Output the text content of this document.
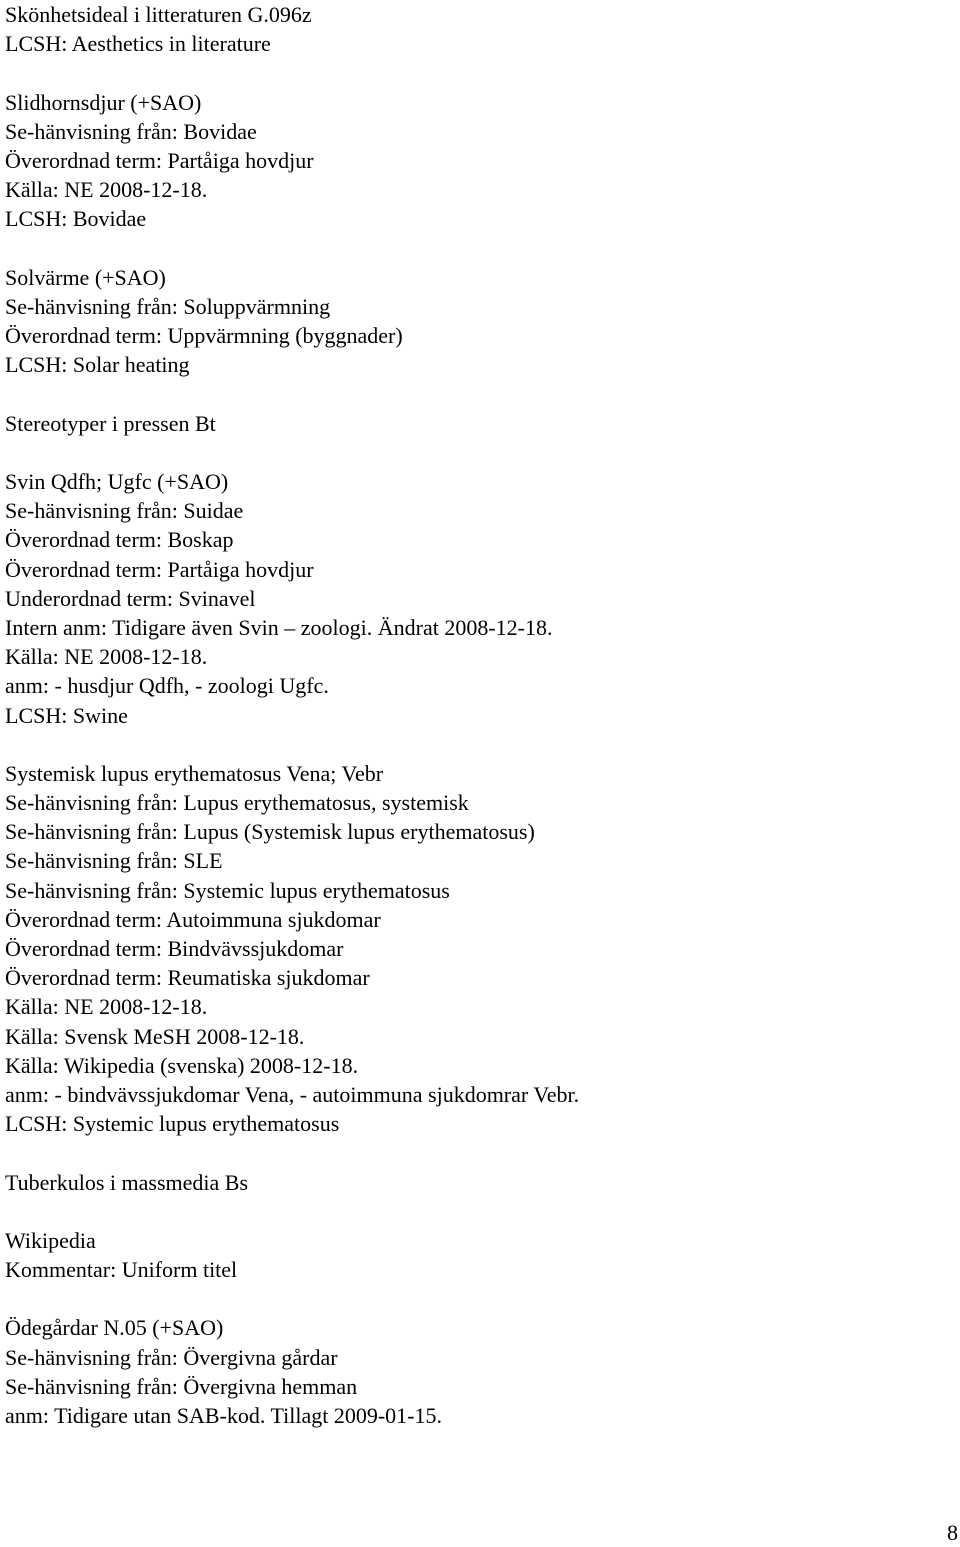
Skönhetsideal i litteraturen G.096z
LCSH: Aesthetics in literature
Slidhornsdjur (+SAO)
Se-hänvisning från: Bovidae
Överordnad term: Partåiga hovdjur
Källa: NE 2008-12-18.
LCSH: Bovidae
Solvärme (+SAO)
Se-hänvisning från: Soluppvärmning
Överordnad term: Uppvärmning (byggnader)
LCSH: Solar heating
Stereotyper i pressen Bt
Svin Qdfh; Ugfc (+SAO)
Se-hänvisning från: Suidae
Överordnad term: Boskap
Överordnad term: Partåiga hovdjur
Underordnad term: Svinavel
Intern anm: Tidigare även Svin – zoologi. Ändrat 2008-12-18.
Källa: NE 2008-12-18.
anm: - husdjur Qdfh, - zoologi Ugfc.
LCSH: Swine
Systemisk lupus erythematosus Vena; Vebr
Se-hänvisning från: Lupus erythematosus, systemisk
Se-hänvisning från: Lupus (Systemisk lupus erythematosus)
Se-hänvisning från: SLE
Se-hänvisning från: Systemic lupus erythematosus
Överordnad term: Autoimmuna sjukdomar
Överordnad term: Bindvävssjukdomar
Överordnad term: Reumatiska sjukdomar
Källa: NE 2008-12-18.
Källa: Svensk MeSH 2008-12-18.
Källa: Wikipedia (svenska) 2008-12-18.
anm: - bindvävssjukdomar Vena, - autoimmuna sjukdomrar Vebr.
LCSH: Systemic lupus erythematosus
Tuberkulos i massmedia Bs
Wikipedia
Kommentar: Uniform titel
Ödegårdar N.05 (+SAO)
Se-hänvisning från: Övergivna gårdar
Se-hänvisning från: Övergivna hemman
anm: Tidigare utan SAB-kod. Tillagt 2009-01-15.
8
